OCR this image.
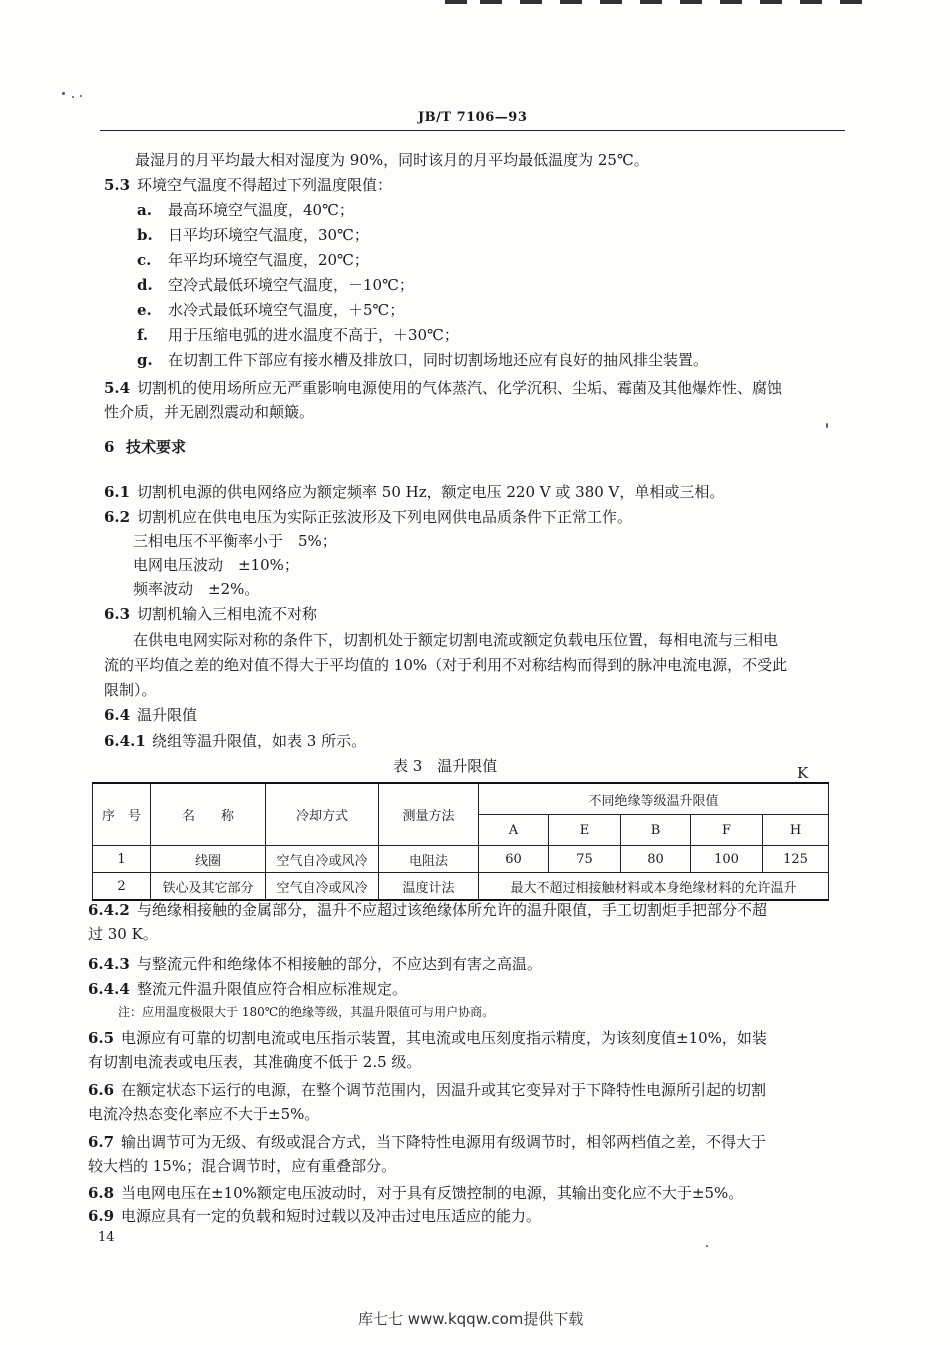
JB/T 7106—93
最湿月的月平均最大相对湿度为 90%，同时该月的月平均最低温度为 25℃。
5.3 环境空气温度不得超过下列温度限值：
a. 最高环境空气温度，40℃；
b. 日平均环境空气温度，30℃；
c. 年平均环境空气温度，20℃；
d. 空冷式最低环境空气温度，－10℃；
e. 水冷式最低环境空气温度，＋5℃；
f. 用于压缩电弧的进水温度不高于，＋30℃；
g. 在切割工件下部应有接水槽及排放口，同时切割场地还应有良好的抽风排尘装置。
5.4 切割机的使用场所应无严重影响电源使用的气体蒸汽、化学沉积、尘垢、霉菌及其他爆炸性、腐蚀
性介质，并无剧烈震动和颠簸。
6 技术要求
6.1 切割机电源的供电网络应为额定频率 50 Hz，额定电压 220 V 或 380 V，单相或三相。
6.2 切割机应在供电电压为实际正弦波形及下列电网供电品质条件下正常工作。
三相电压不平衡率小于　5%；
电网电压波动　±10%；
频率波动　±2%。
6.3 切割机输入三相电流不对称
在供电电网实际对称的条件下，切割机处于额定切割电流或额定负载电压位置，每相电流与三相电
流的平均值之差的绝对值不得大于平均值的 10%（对于利用不对称结构而得到的脉冲电流电源，不受此
限制）。
6.4 温升限值
6.4.1 绕组等温升限值，如表 3 所示。
表 3　温升限值	K
序　号	名　　称	冷却方式	测量方法	不同绝缘等级温升限值				
				A	E	B	F	H
1	线圈	空气自冷或风冷	电阻法	60	75	80	100	125
2	铁心及其它部分	空气自冷或风冷	温度计法	最大不超过相接触材料或本身绝缘材料的允许温升				
6.4.2 与绝缘相接触的金属部分，温升不应超过该绝缘体所允许的温升限值，手工切割炬手把部分不超
过 30 K。
6.4.3 与整流元件和绝缘体不相接触的部分，不应达到有害之高温。
6.4.4 整流元件温升限值应符合相应标准规定。
注：应用温度极限大于 180℃的绝缘等级，其温升限值可与用户协商。
6.5 电源应有可靠的切割电流或电压指示装置，其电流或电压刻度指示精度，为该刻度值±10%，如装
有切割电流表或电压表，其准确度不低于 2.5 级。
6.6 在额定状态下运行的电源，在整个调节范围内，因温升或其它变异对于下降特性电源所引起的切割
电流冷热态变化率应不大于±5%。
6.7 输出调节可为无级、有级或混合方式，当下降特性电源用有级调节时，相邻两档值之差，不得大于
较大档的 15%；混合调节时，应有重叠部分。
6.8 当电网电压在±10%额定电压波动时，对于具有反馈控制的电源，其输出变化应不大于±5%。
6.9 电源应具有一定的负载和短时过载以及冲击过电压适应的能力。
14
库七七 www.kqqw.com提供下载
